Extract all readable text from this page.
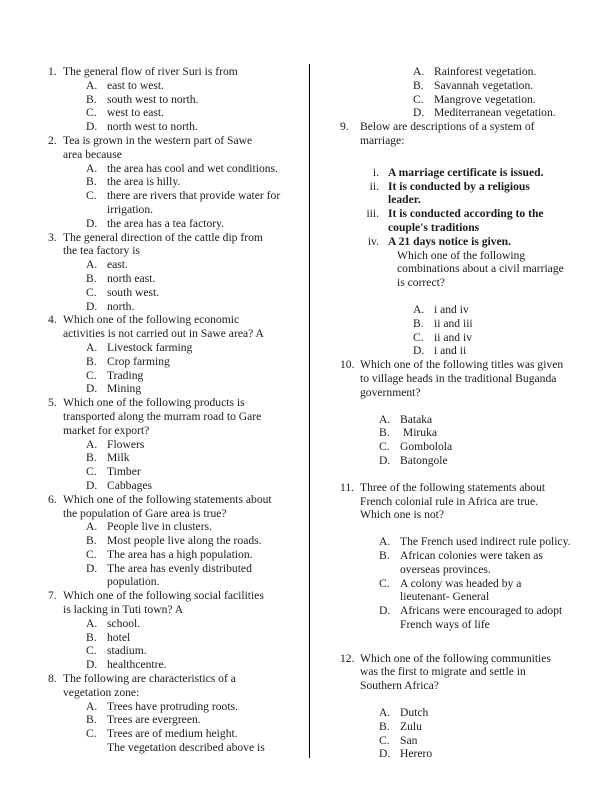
1. The general flow of river Suri is from
A. east to west.
B. south west to north.
C. west to east.
D. north west to north.
2. Tea is grown in the western part of Sawe
area because
A. the area has cool and wet conditions.
B. the area is hilly.
C. there are rivers that provide water for
irrigation.
D. the area has a tea factory.
3. The general direction of the cattle dip from
the tea factory is
A. east.
B. north east.
C. south west.
D. north.
4. Which one of the following economic
activities is not carried out in Sawe area? A
A. Livestock farming
B. Crop farming
C. Trading
D. Mining
5. Which one of the following products is
transported along the murram road to Gare
market for export?
A. Flowers
B. Milk
C. Timber
D. Cabbages
6. Which one of the following statements about
the population of Gare area is true?
A. People live in clusters.
B. Most people live along the roads.
C. The area has a high population.
D. The area has evenly distributed
population.
7. Which one of the following social facilities
is lacking in Tuti town? A
A. school.
B. hotel
C. stadium.
D. healthcentre.
8. The following are characteristics of a
vegetation zone:
A. Trees have protruding roots.
B. Trees are evergreen.
C. Trees are of medium height.
The vegetation described above is
A. Rainforest vegetation.
B. Savannah vegetation.
C. Mangrove vegetation.
D. Mediterranean vegetation.
9. Below are descriptions of a system of
marriage:
i. A marriage certificate is issued.
ii. It is conducted by a religious
leader.
iii. It is conducted according to the
couple's traditions
iv. A 21 days notice is given.
Which one of the following
combinations about a civil marriage
is correct?
A. i and iv
B. ii and iii
C. ii and iv
D. i and ii
10. Which one of the following titles was given
to village heads in the traditional Buganda
government?
A. Bataka
B. Miruka
C. Gombolola
D. Batongole
11. Three of the following statements about
French colonial rule in Africa are true.
Which one is not?
A. The French used indirect rule policy.
B. African colonies were taken as
overseas provinces.
C. A colony was headed by a
lieutenant- General
D. Africans were encouraged to adopt
French ways of life
12. Which one of the following communities
was the first to migrate and settle in
Southern Africa?
A. Dutch
B. Zulu
C. San
D. Herero
